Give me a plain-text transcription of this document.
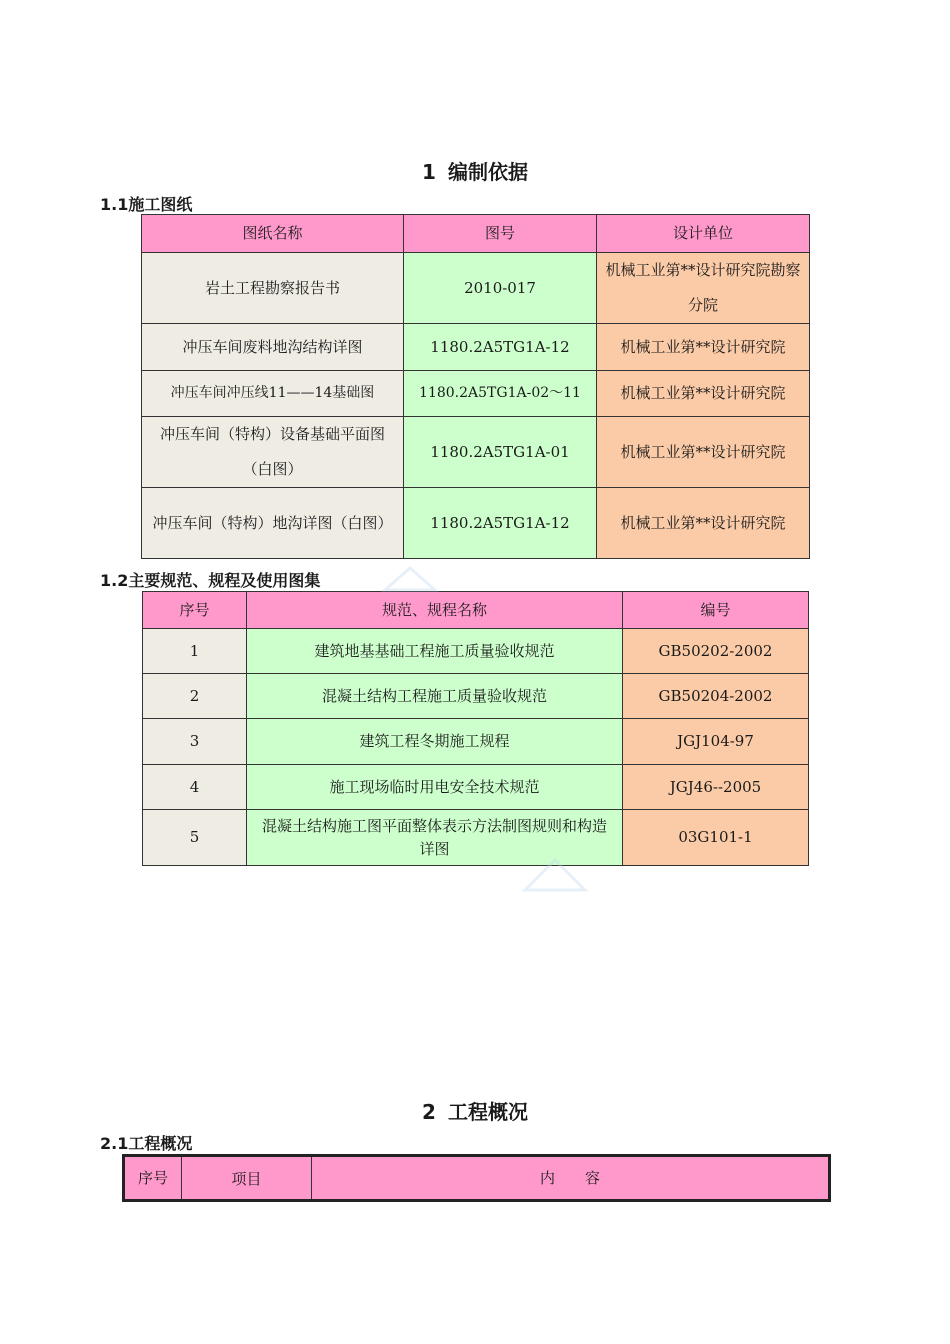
1 编制依据
1.1施工图纸
图纸名称	图号	设计单位
岩土工程勘察报告书	2010-017	机械工业第**设计研究院勘察分院
冲压车间废料地沟结构详图	1180.2A5TG1A-12	机械工业第**设计研究院
冲压车间冲压线11——14基础图	1180.2A5TG1A-02～11	机械工业第**设计研究院
冲压车间（特构）设备基础平面图（白图）	1180.2A5TG1A-01	机械工业第**设计研究院
冲压车间（特构）地沟详图（白图）	1180.2A5TG1A-12	机械工业第**设计研究院
1.2主要规范、规程及使用图集
序号	规范、规程名称	编号
1	建筑地基基础工程施工质量验收规范	GB50202-2002
2	混凝土结构工程施工质量验收规范	GB50204-2002
3	建筑工程冬期施工规程	JGJ104-97
4	施工现场临时用电安全技术规范	JGJ46--2005
5	混凝土结构施工图平面整体表示方法制图规则和构造详图	03G101-1
2 工程概况
2.1工程概况
序号	项目	内　　容
